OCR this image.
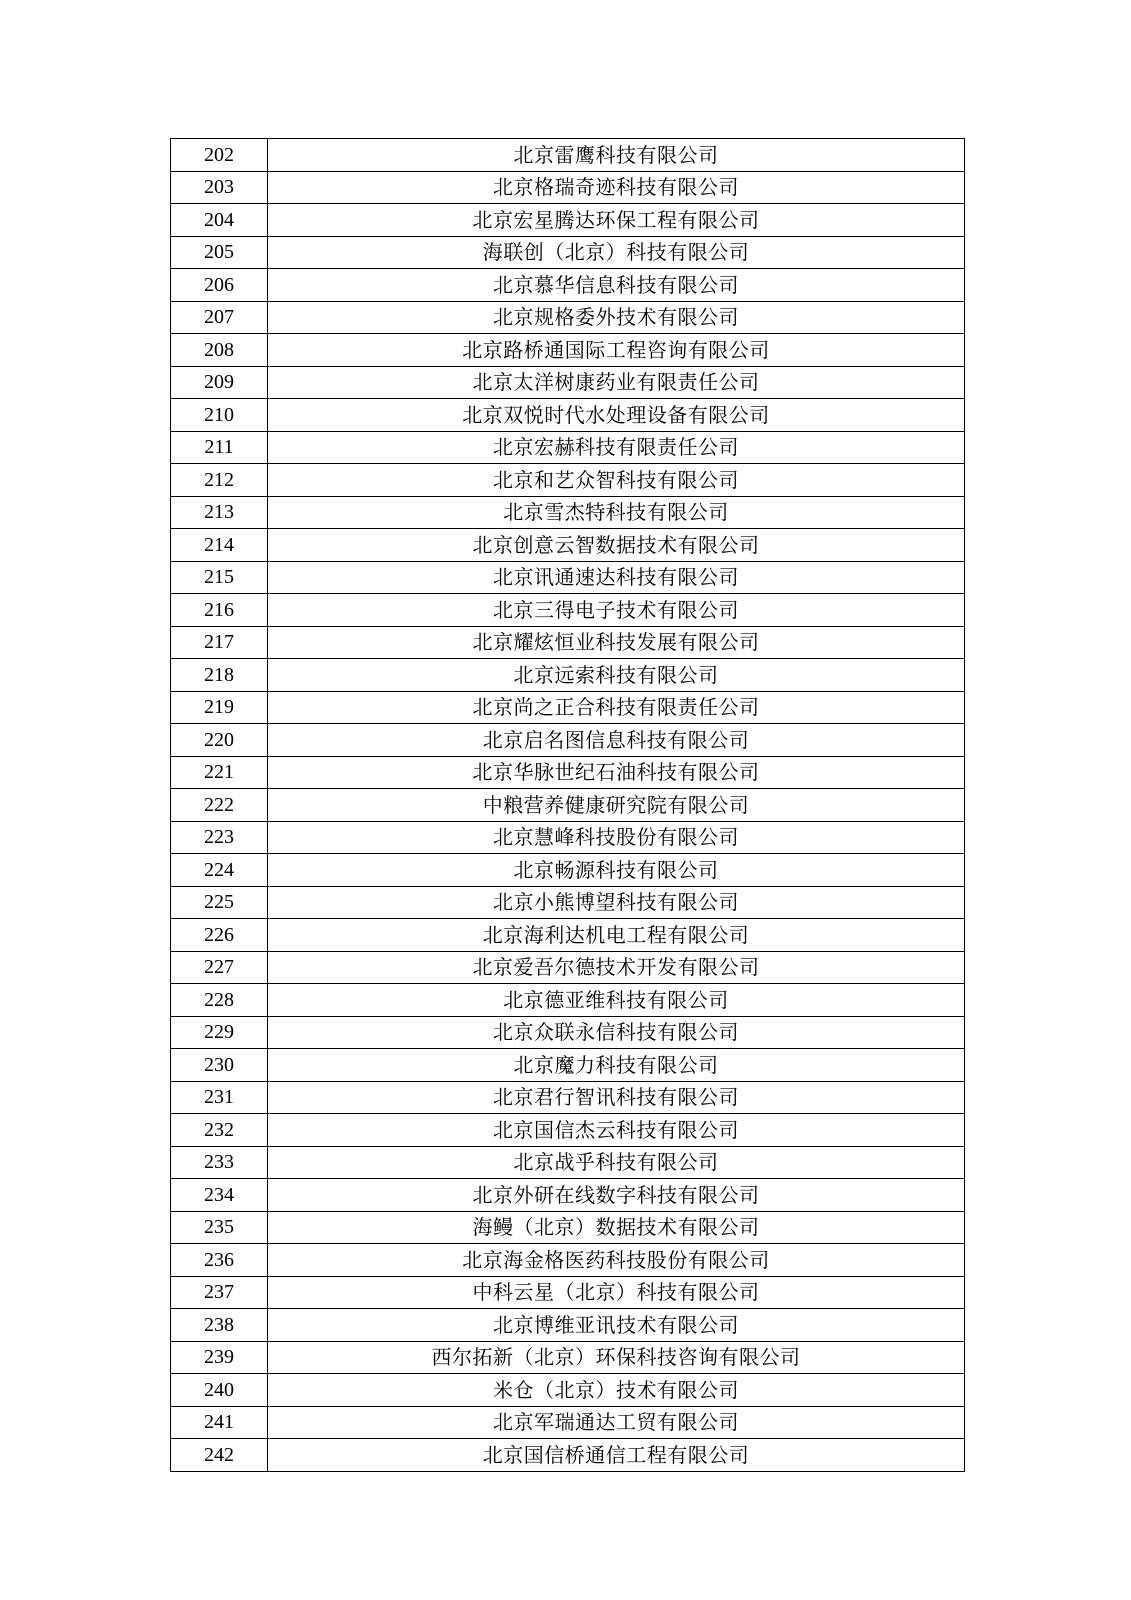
202	北京雷鹰科技有限公司
203	北京格瑞奇迹科技有限公司
204	北京宏星腾达环保工程有限公司
205	海联创（北京）科技有限公司
206	北京慕华信息科技有限公司
207	北京规格委外技术有限公司
208	北京路桥通国际工程咨询有限公司
209	北京太洋树康药业有限责任公司
210	北京双悦时代水处理设备有限公司
211	北京宏赫科技有限责任公司
212	北京和艺众智科技有限公司
213	北京雪杰特科技有限公司
214	北京创意云智数据技术有限公司
215	北京讯通速达科技有限公司
216	北京三得电子技术有限公司
217	北京耀炫恒业科技发展有限公司
218	北京远索科技有限公司
219	北京尚之正合科技有限责任公司
220	北京启名图信息科技有限公司
221	北京华脉世纪石油科技有限公司
222	中粮营养健康研究院有限公司
223	北京慧峰科技股份有限公司
224	北京畅源科技有限公司
225	北京小熊博望科技有限公司
226	北京海利达机电工程有限公司
227	北京爱吾尔德技术开发有限公司
228	北京德亚维科技有限公司
229	北京众联永信科技有限公司
230	北京魔力科技有限公司
231	北京君行智讯科技有限公司
232	北京国信杰云科技有限公司
233	北京战乎科技有限公司
234	北京外研在线数字科技有限公司
235	海鳗（北京）数据技术有限公司
236	北京海金格医药科技股份有限公司
237	中科云星（北京）科技有限公司
238	北京博维亚讯技术有限公司
239	西尔拓新（北京）环保科技咨询有限公司
240	米仓（北京）技术有限公司
241	北京军瑞通达工贸有限公司
242	北京国信桥通信工程有限公司
